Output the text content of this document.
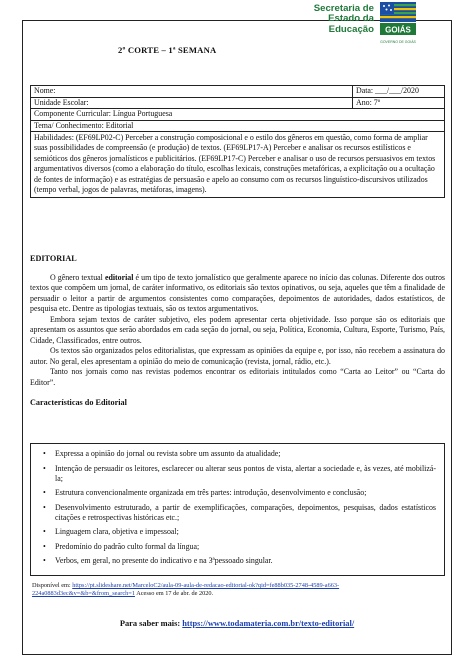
2º CORTE – 1ª SEMANA
Secretaria de
Estado da
Educação GOIÁS
GOVERNO DE GOIÁS
Nome:	Data: ___/___/2020
Unidade Escolar:	Ano: 7º
Componente Curricular: Língua Portuguesa	
Tema/ Conhecimento: Editorial	
Habilidades: (EF69LP02-C) Perceber a construção composicional e o estilo dos gêneros em questão, como forma de ampliar suas possibilidades de compreensão (e produção) de textos. (EF69LP17-A) Perceber e analisar os recursos estilísticos e semióticos dos gêneros jornalísticos e publicitários. (EF69LP17-C) Perceber e analisar o uso de recursos persuasivos em textos argumentativos diversos (como a elaboração do título, escolhas lexicais, construções metafóricas, a explicitação ou a ocultação de fontes de informação) e as estratégias de persuasão e apelo ao consumo com os recursos linguístico-discursivos utilizados (tempo verbal, jogos de palavras, metáforas, imagens).	
EDITORIAL

O gênero textual editorial é um tipo de texto jornalístico que geralmente aparece no início das colunas. Diferente dos outros textos que compõem um jornal, de caráter informativo, os editoriais são textos opinativos, ou seja, aqueles que têm a finalidade de persuadir o leitor a partir de argumentos consistentes como comparações, depoimentos de autoridades, dados estatísticos, de pesquisa etc. Dentre as tipologias textuais, são os textos argumentativos.

Embora sejam textos de caráter subjetivo, eles podem apresentar certa objetividade. Isso porque são os editoriais que apresentam os assuntos que serão abordados em cada seção do jornal, ou seja, Política, Economia, Cultura, Esporte, Turismo, País, Cidade, Classificados, entre outros.

Os textos são organizados pelos editorialistas, que expressam as opiniões da equipe e, por isso, não recebem a assinatura do autor. No geral, eles apresentam a opinião do meio de comunicação (revista, jornal, rádio, etc.).

Tanto nos jornais como nas revistas podemos encontrar os editoriais intitulados como “Carta ao Leitor” ou “Carta do Editor”.

Características do Editorial
• Expressa a opinião do jornal ou revista sobre um assunto da atualidade;
• Intenção de persuadir os leitores, esclarecer ou alterar seus pontos de vista, alertar a sociedade e, às vezes, até mobilizá-la;
• Estrutura convencionalmente organizada em três partes: introdução, desenvolvimento e conclusão;
• Desenvolvimento estruturado, a partir de exemplificações, comparações, depoimentos, pesquisas, dados estatísticos citações e retrospectivas históricas etc.;
• Linguagem clara, objetiva e impessoal;
• Predomínio do padrão culto formal da língua;
• Verbos, em geral, no presente do indicativo e na 3ªpessoado singular.
Disponível em: https://pt.slideshare.net/MarceloC2/aula-09-aula-de-redacao-editorial-ok?qid=fe88b035-2748-4589-a663-224a0883d3ec&v=&b=&from_search=1 Acesso em 17 de abr. de 2020.
Para saber mais: https://www.todamateria.com.br/texto-editorial/
